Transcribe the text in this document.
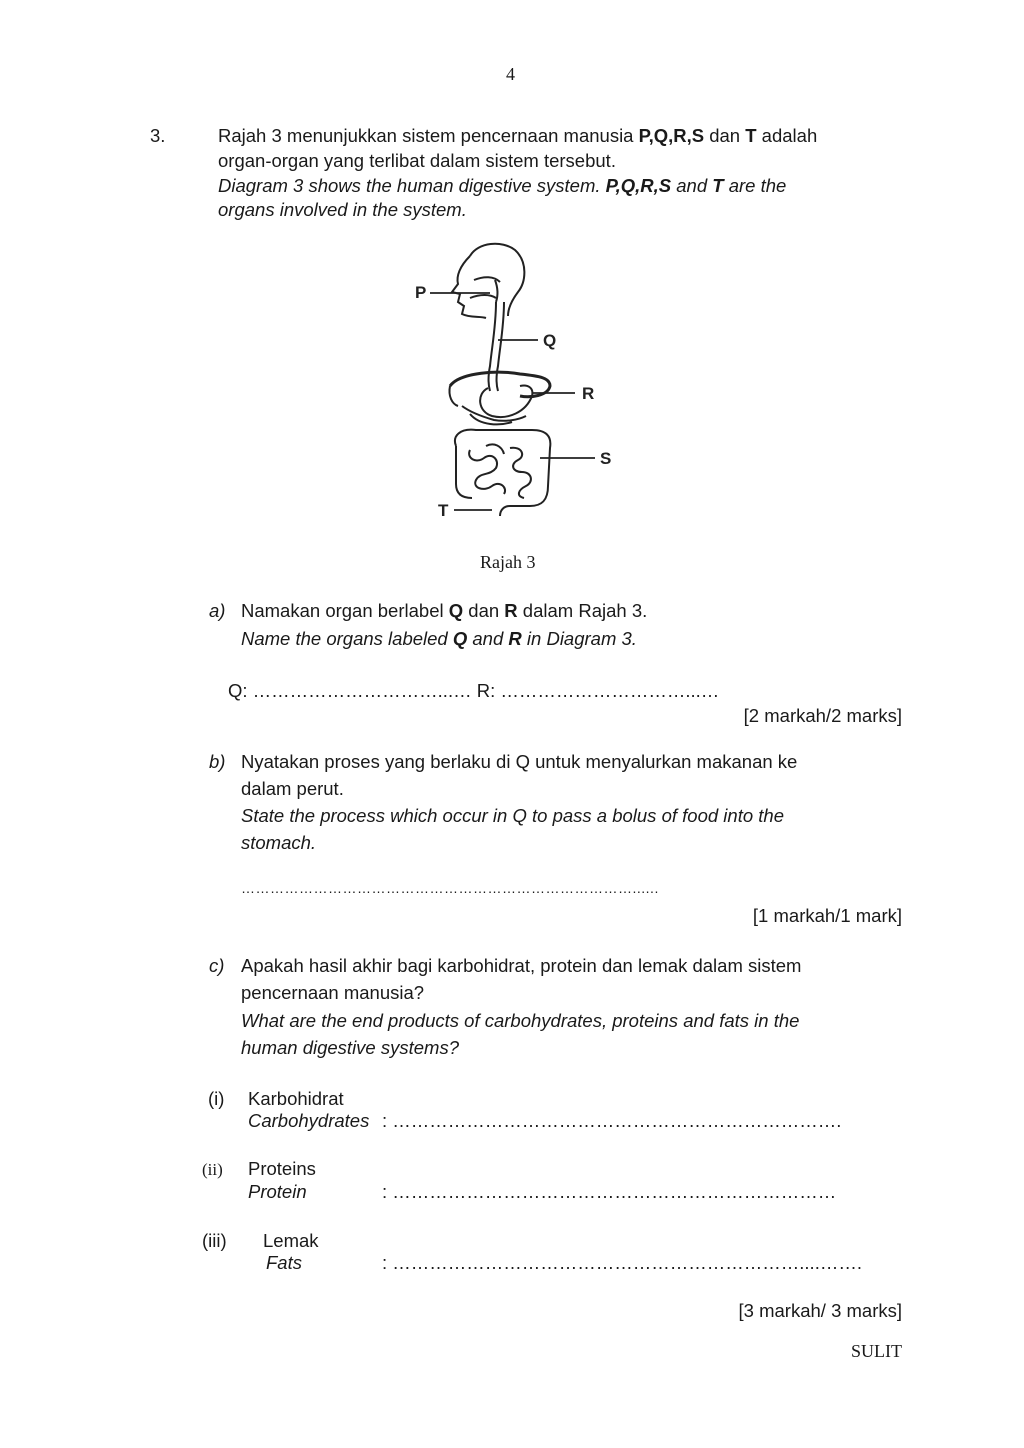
4
3.	Rajah 3 menunjukkan sistem pencernaan manusia P,Q,R,S dan T adalah
organ-organ yang terlibat dalam sistem tersebut.
Diagram 3 shows the human digestive system. P,Q,R,S and T are the
organs involved in the system.
P
Q
R
S
T
Rajah 3
a) Namakan organ berlabel Q dan R dalam Rajah 3.
Name the organs labeled Q and R in Diagram 3.
Q: …………………………...… R: …………………………...…
[2 markah/2 marks]
b) Nyatakan proses yang berlaku di Q untuk menyalurkan makanan ke
dalam perut.
State the process which occur in Q to pass a bolus of food into the
stomach.
………………………………………………………………………......
[1 markah/1 mark]
c) Apakah hasil akhir bagi karbohidrat, protein dan lemak dalam sistem
pencernaan manusia?
What are the end products of carbohydrates, proteins and fats in the
human digestive systems?
(i) Karbohidrat
Carbohydrates : ……………………………………………………………….
(ii) Proteins
Protein	: ………………………………………………………………
(iii) Lemak
Fats	: …………………………………………………………....…….
[3 markah/ 3 marks]
SULIT
